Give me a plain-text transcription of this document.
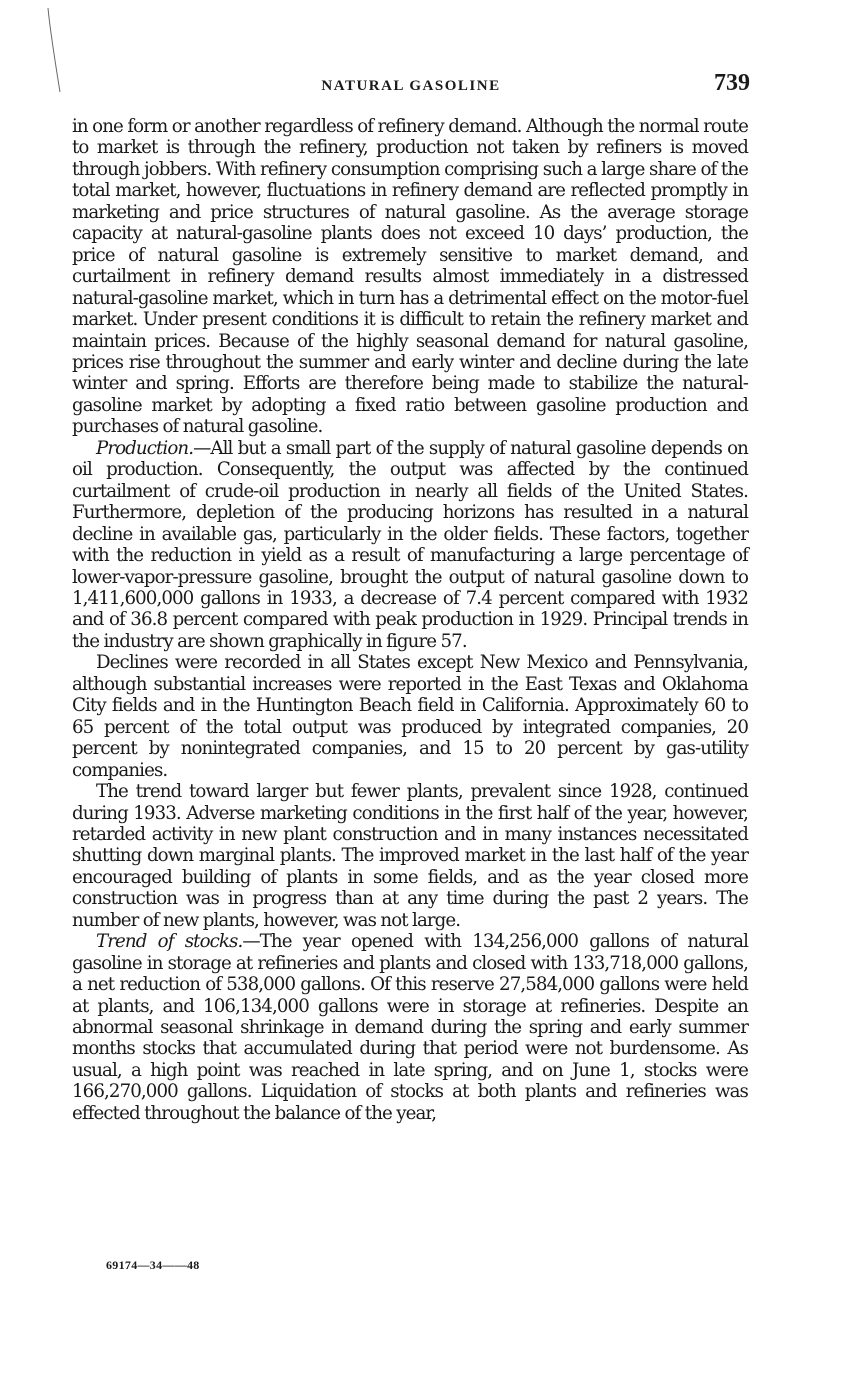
NATURAL GASOLINE	739

in one form or another regardless of refinery demand. Although the normal route to market is through the refinery, production not taken by refiners is moved through jobbers. With refinery consumption comprising such a large share of the total market, however, fluctuations in refinery demand are reflected promptly in marketing and price structures of natural gasoline. As the average storage capacity at natural-gasoline plants does not exceed 10 days’ production, the price of natural gasoline is extremely sensitive to market demand, and curtailment in refinery demand results almost immediately in a distressed natural-gasoline market, which in turn has a detrimental effect on the motor-fuel market. Under present conditions it is difficult to retain the refinery market and maintain prices. Because of the highly seasonal demand for natural gasoline, prices rise throughout the summer and early winter and decline during the late winter and spring. Efforts are therefore being made to stabilize the natural-gasoline market by adopting a fixed ratio between gasoline production and purchases of natural gasoline.

Production.—All but a small part of the supply of natural gasoline depends on oil production. Consequently, the output was affected by the continued curtailment of crude-oil production in nearly all fields of the United States. Furthermore, depletion of the producing horizons has resulted in a natural decline in available gas, particularly in the older fields. These factors, together with the reduction in yield as a result of manufacturing a large percentage of lower-vapor-pressure gasoline, brought the output of natural gasoline down to 1,411,600,000 gallons in 1933, a decrease of 7.4 percent compared with 1932 and of 36.8 percent compared with peak production in 1929. Principal trends in the industry are shown graphically in figure 57.

Declines were recorded in all States except New Mexico and Pennsylvania, although substantial increases were reported in the East Texas and Oklahoma City fields and in the Huntington Beach field in California. Approximately 60 to 65 percent of the total output was produced by integrated companies, 20 percent by nonintegrated companies, and 15 to 20 percent by gas-utility companies.

The trend toward larger but fewer plants, prevalent since 1928, continued during 1933. Adverse marketing conditions in the first half of the year, however, retarded activity in new plant construction and in many instances necessitated shutting down marginal plants. The improved market in the last half of the year encouraged building of plants in some fields, and as the year closed more construction was in progress than at any time during the past 2 years. The number of new plants, however, was not large.

Trend of stocks.—The year opened with 134,256,000 gallons of natural gasoline in storage at refineries and plants and closed with 133,718,000 gallons, a net reduction of 538,000 gallons. Of this reserve 27,584,000 gallons were held at plants, and 106,134,000 gallons were in storage at refineries. Despite an abnormal seasonal shrinkage in demand during the spring and early summer months stocks that accumulated during that period were not burdensome. As usual, a high point was reached in late spring, and on June 1, stocks were 166,270,000 gallons. Liquidation of stocks at both plants and refineries was effected throughout the balance of the year,

69174—34——48
